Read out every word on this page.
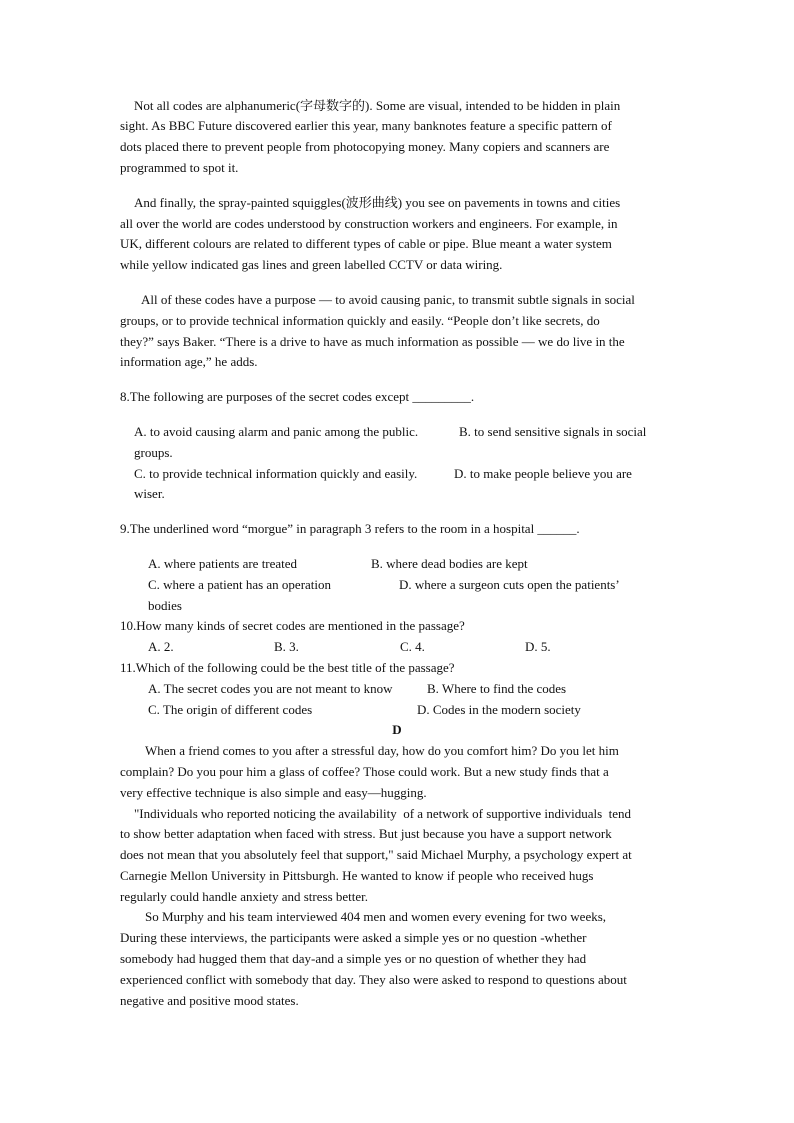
Not all codes are alphanumeric(字母数字的). Some are visual, intended to be hidden in plain
sight. As BBC Future discovered earlier this year, many banknotes feature a specific pattern of
dots placed there to prevent people from photocopying money. Many copiers and scanners are
programmed to spot it.
And finally, the spray-painted squiggles(波形曲线) you see on pavements in towns and cities
all over the world are codes understood by construction workers and engineers. For example, in
UK, different colours are related to different types of cable or pipe. Blue meant a water system
while yellow indicated gas lines and green labelled CCTV or data wiring.
All of these codes have a purpose — to avoid causing panic, to transmit subtle signals in social
groups, or to provide technical information quickly and easily. “People don’t like secrets, do
they?” says Baker. “There is a drive to have as much information as possible — we do live in the
information age,” he adds.
8.The following are purposes of the secret codes except _________.

A. to avoid causing alarm and panic among the public.

	B. to send sensitive signals in social

groups.

C. to provide technical information quickly and easily.

	D. to make people believe you are

wiser.
9.The underlined word “morgue” in paragraph 3 refers to the room in a hospital ______.

A. where patients are treated

	B. where dead bodies are kept

C. where a patient has an operation

	D. where a surgeon cuts open the patients’

bodies
10.How many kinds of secret codes are mentioned in the passage?

A. 2.

	B. 3.

	C. 4.

	D. 5.

11.Which of the following could be the best title of the passage?

A. The secret codes you are not meant to know

	B. Where to find the codes

C. The origin of different codes

	D. Codes in the modern society

D
When a friend comes to you after a stressful day, how do you comfort him? Do you let him
complain? Do you pour him a glass of coffee? Those could work. But a new study finds that a
very effective technique is also simple and easy—hugging.
"Individuals who reported noticing the availability  of a network of supportive individuals  tend
to show better adaptation when faced with stress. But just because you have a support network
does not mean that you absolutely feel that support," said Michael Murphy, a psychology expert at
Carnegie Mellon University in Pittsburgh. He wanted to know if people who received hugs
regularly could handle anxiety and stress better.
So Murphy and his team interviewed 404 men and women every evening for two weeks,
During these interviews, the participants were asked a simple yes or no question -whether
somebody had hugged them that day-and a simple yes or no question of whether they had
experienced conflict with somebody that day. They also were asked to respond to questions about
negative and positive mood states.
